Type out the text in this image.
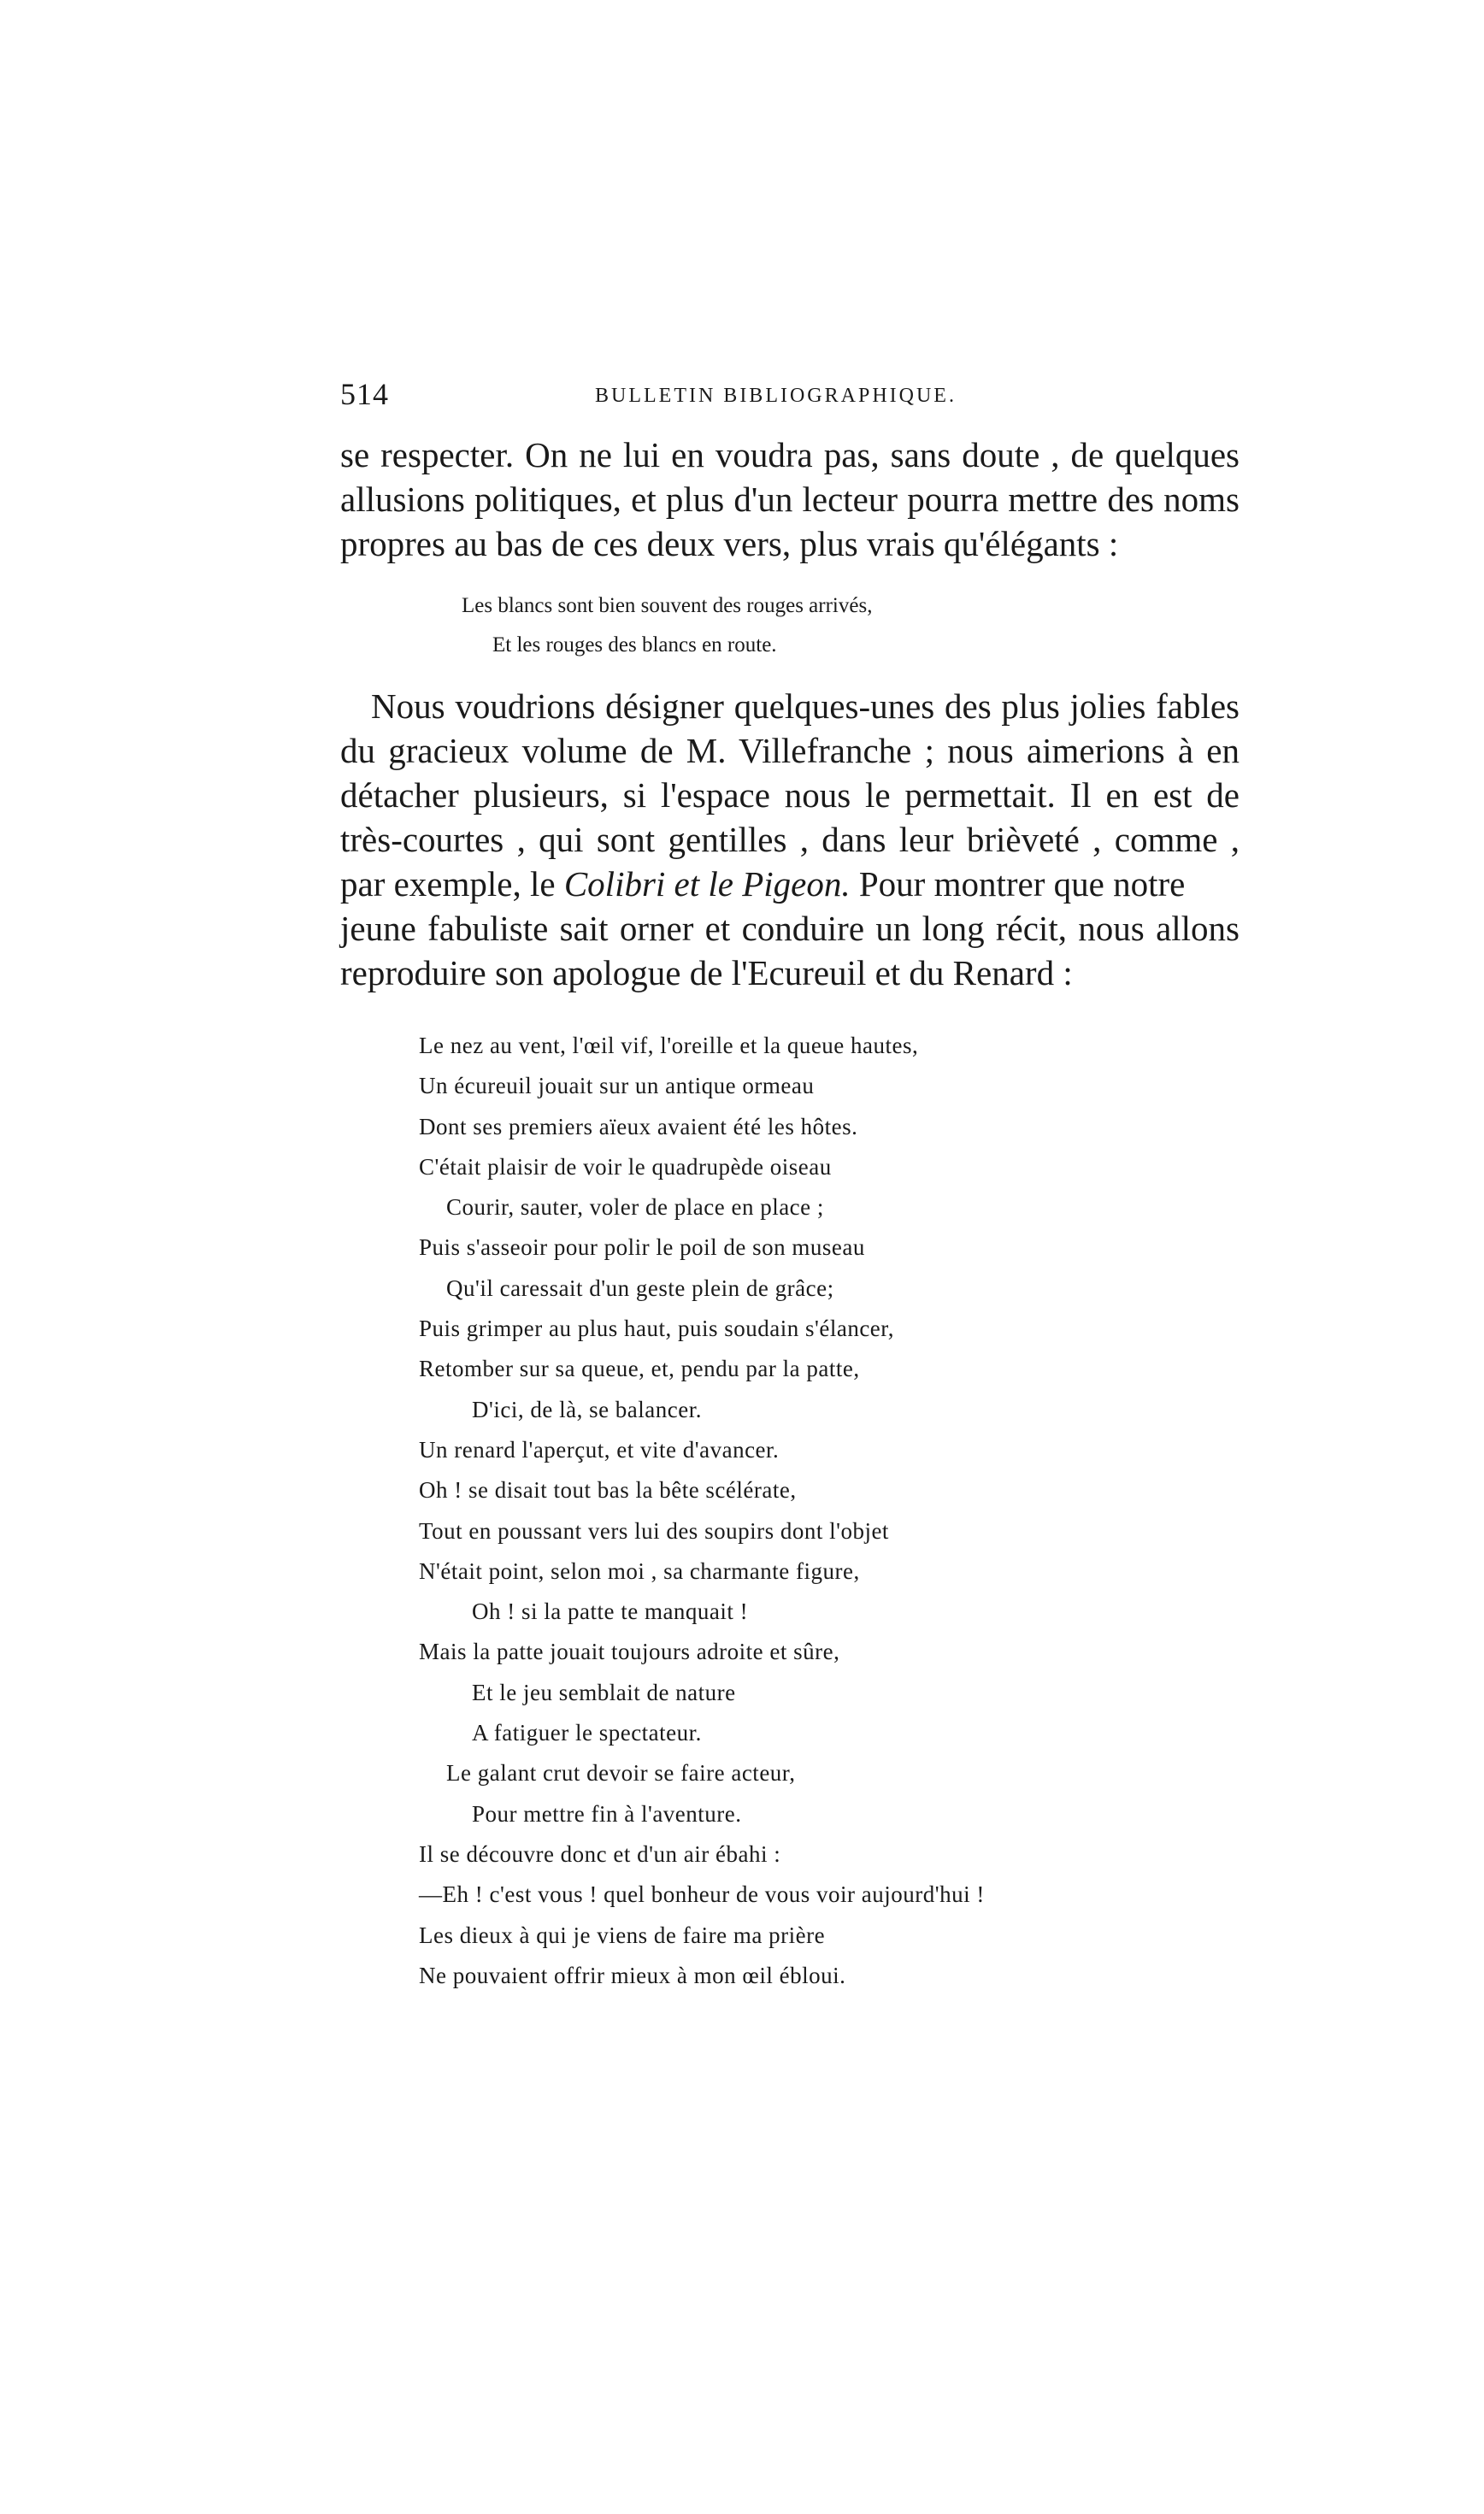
514	BULLETIN BIBLIOGRAPHIQUE.
se respecter. On ne lui en voudra pas, sans doute , de quelques
allusions politiques, et plus d'un lecteur pourra mettre des noms
propres au bas de ces deux vers, plus vrais qu'élégants :
Les blancs sont bien souvent des rouges arrivés,
Et les rouges des blancs en route.
Nous voudrions désigner quelques-unes des plus jolies fables
du gracieux volume de M. Villefranche ; nous aimerions à en
détacher plusieurs, si l'espace nous le permettait. Il en est de
très-courtes , qui sont gentilles , dans leur brièveté , comme ,
par exemple, le Colibri et le Pigeon. Pour montrer que notre
jeune fabuliste sait orner et conduire un long récit, nous allons
reproduire son apologue de l'Ecureuil et du Renard :
Le nez au vent, l'œil vif, l'oreille et la queue hautes,
Un écureuil jouait sur un antique ormeau
Dont ses premiers aïeux avaient été les hôtes.
C'était plaisir de voir le quadrupède oiseau
Courir, sauter, voler de place en place ;
Puis s'asseoir pour polir le poil de son museau
Qu'il caressait d'un geste plein de grâce;
Puis grimper au plus haut, puis soudain s'élancer,
Retomber sur sa queue, et, pendu par la patte,
D'ici, de là, se balancer.
Un renard l'aperçut, et vite d'avancer.
Oh ! se disait tout bas la bête scélérate,
Tout en poussant vers lui des soupirs dont l'objet
N'était point, selon moi , sa charmante figure,
Oh ! si la patte te manquait !
Mais la patte jouait toujours adroite et sûre,
Et le jeu semblait de nature
A fatiguer le spectateur.
Le galant crut devoir se faire acteur,
Pour mettre fin à l'aventure.
Il se découvre donc et d'un air ébahi :
—Eh ! c'est vous ! quel bonheur de vous voir aujourd'hui !
Les dieux à qui je viens de faire ma prière
Ne pouvaient offrir mieux à mon œil ébloui.
